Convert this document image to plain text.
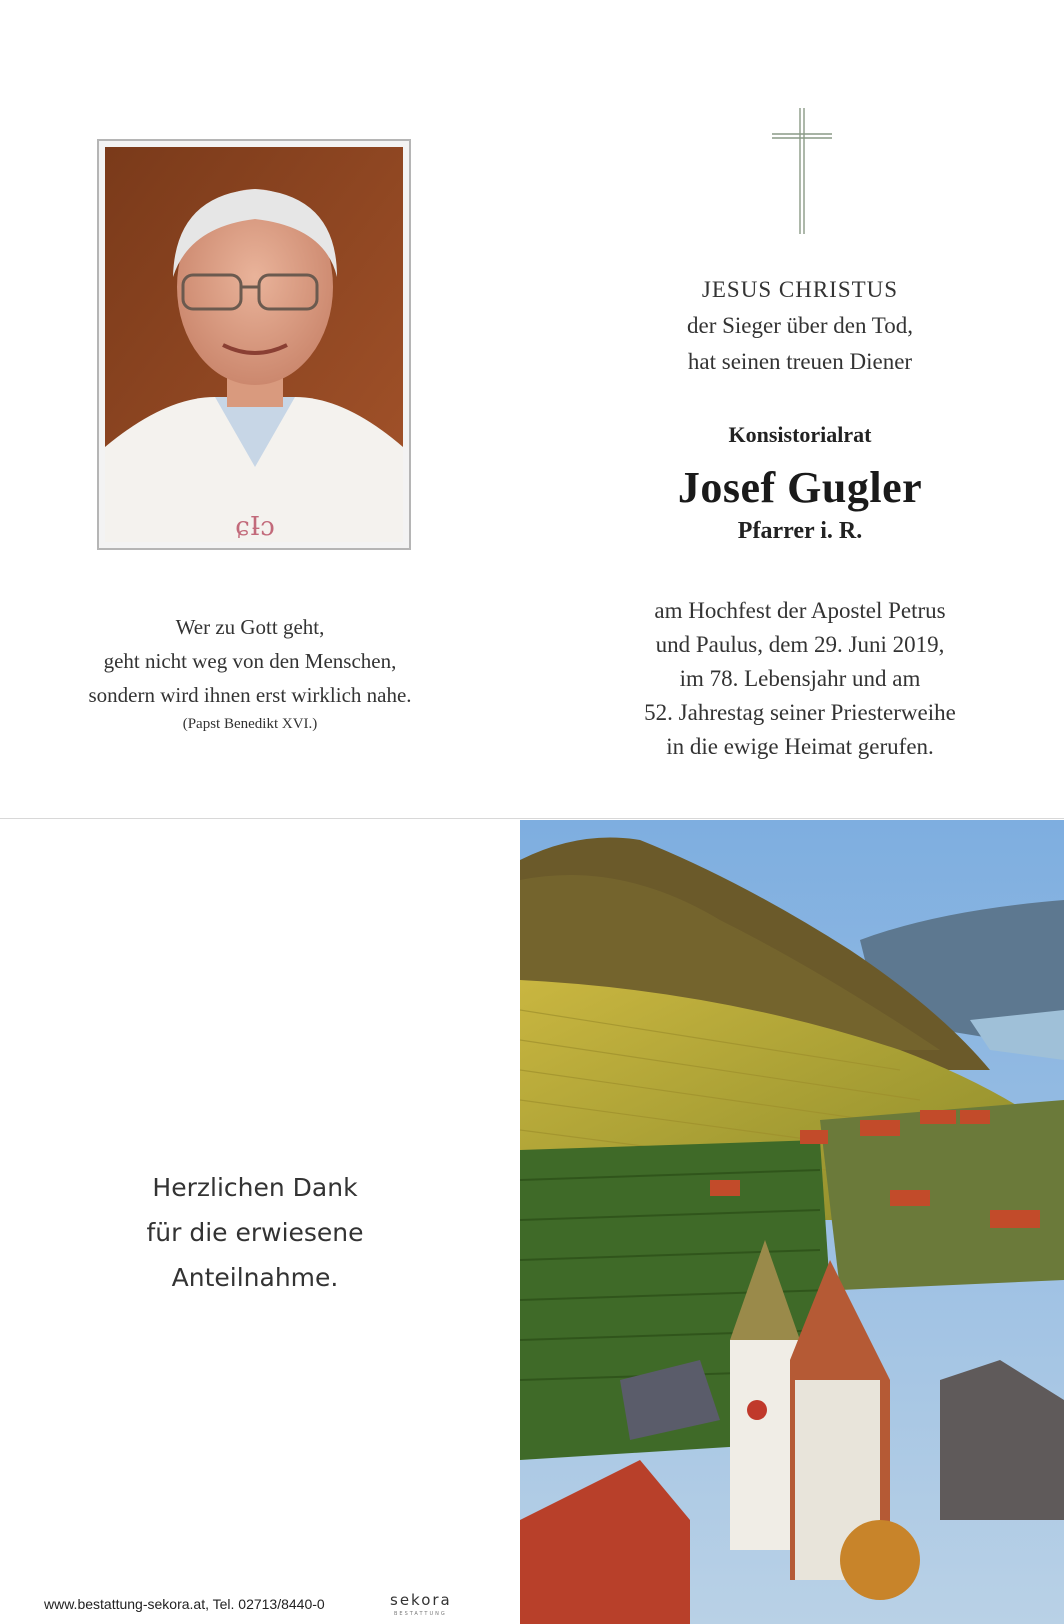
ɕI̵ɔ
Wer zu Gott geht,
geht nicht weg von den Menschen,
sondern wird ihnen erst wirklich nahe.
(Papst Benedikt XVI.)
JESUS CHRISTUS
der Sieger über den Tod,
hat seinen treuen Diener
Konsistorialrat
Josef Gugler
Pfarrer i. R.
am Hochfest der Apostel Petrus
und Paulus, dem 29. Juni 2019,
im 78. Lebensjahr und am
52. Jahrestag seiner Priesterweihe
in die ewige Heimat gerufen.
Herzlichen Dank
für die erwiesene
Anteilnahme.
www.bestattung-sekora.at, Tel. 02713/8440-0	sekora
BESTATTUNG
